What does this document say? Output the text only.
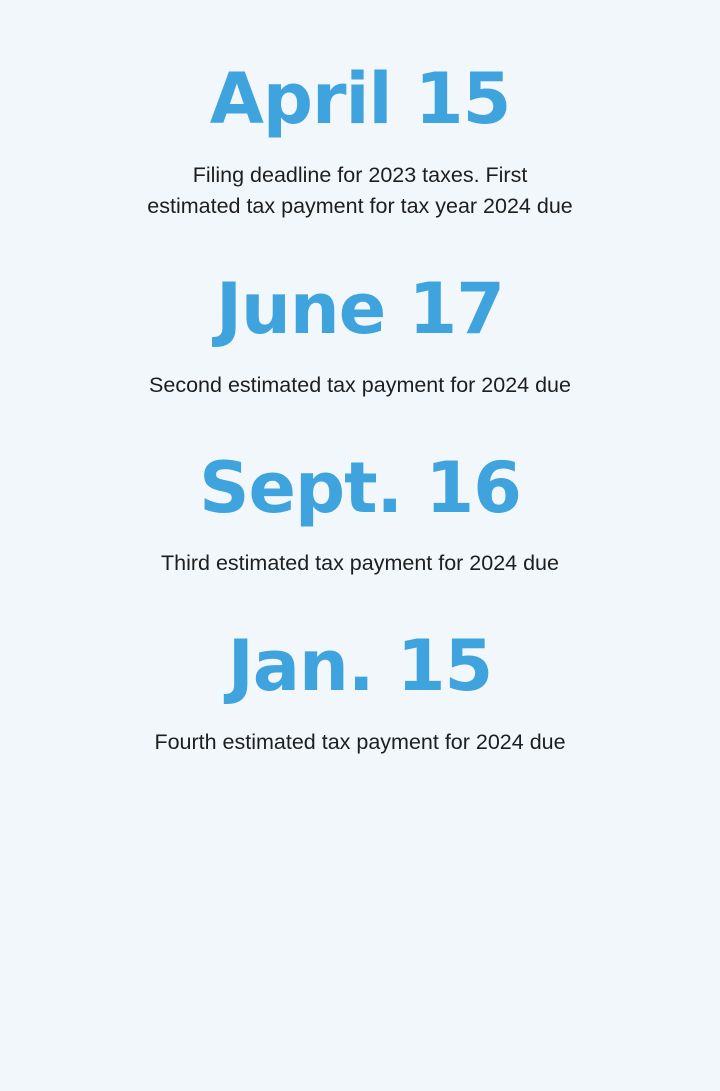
April 15
Filing deadline for 2023 taxes. First estimated tax payment for tax year 2024 due
June 17
Second estimated tax payment for 2024 due
Sept. 16
Third estimated tax payment for 2024 due
Jan. 15
Fourth estimated tax payment for 2024 due
